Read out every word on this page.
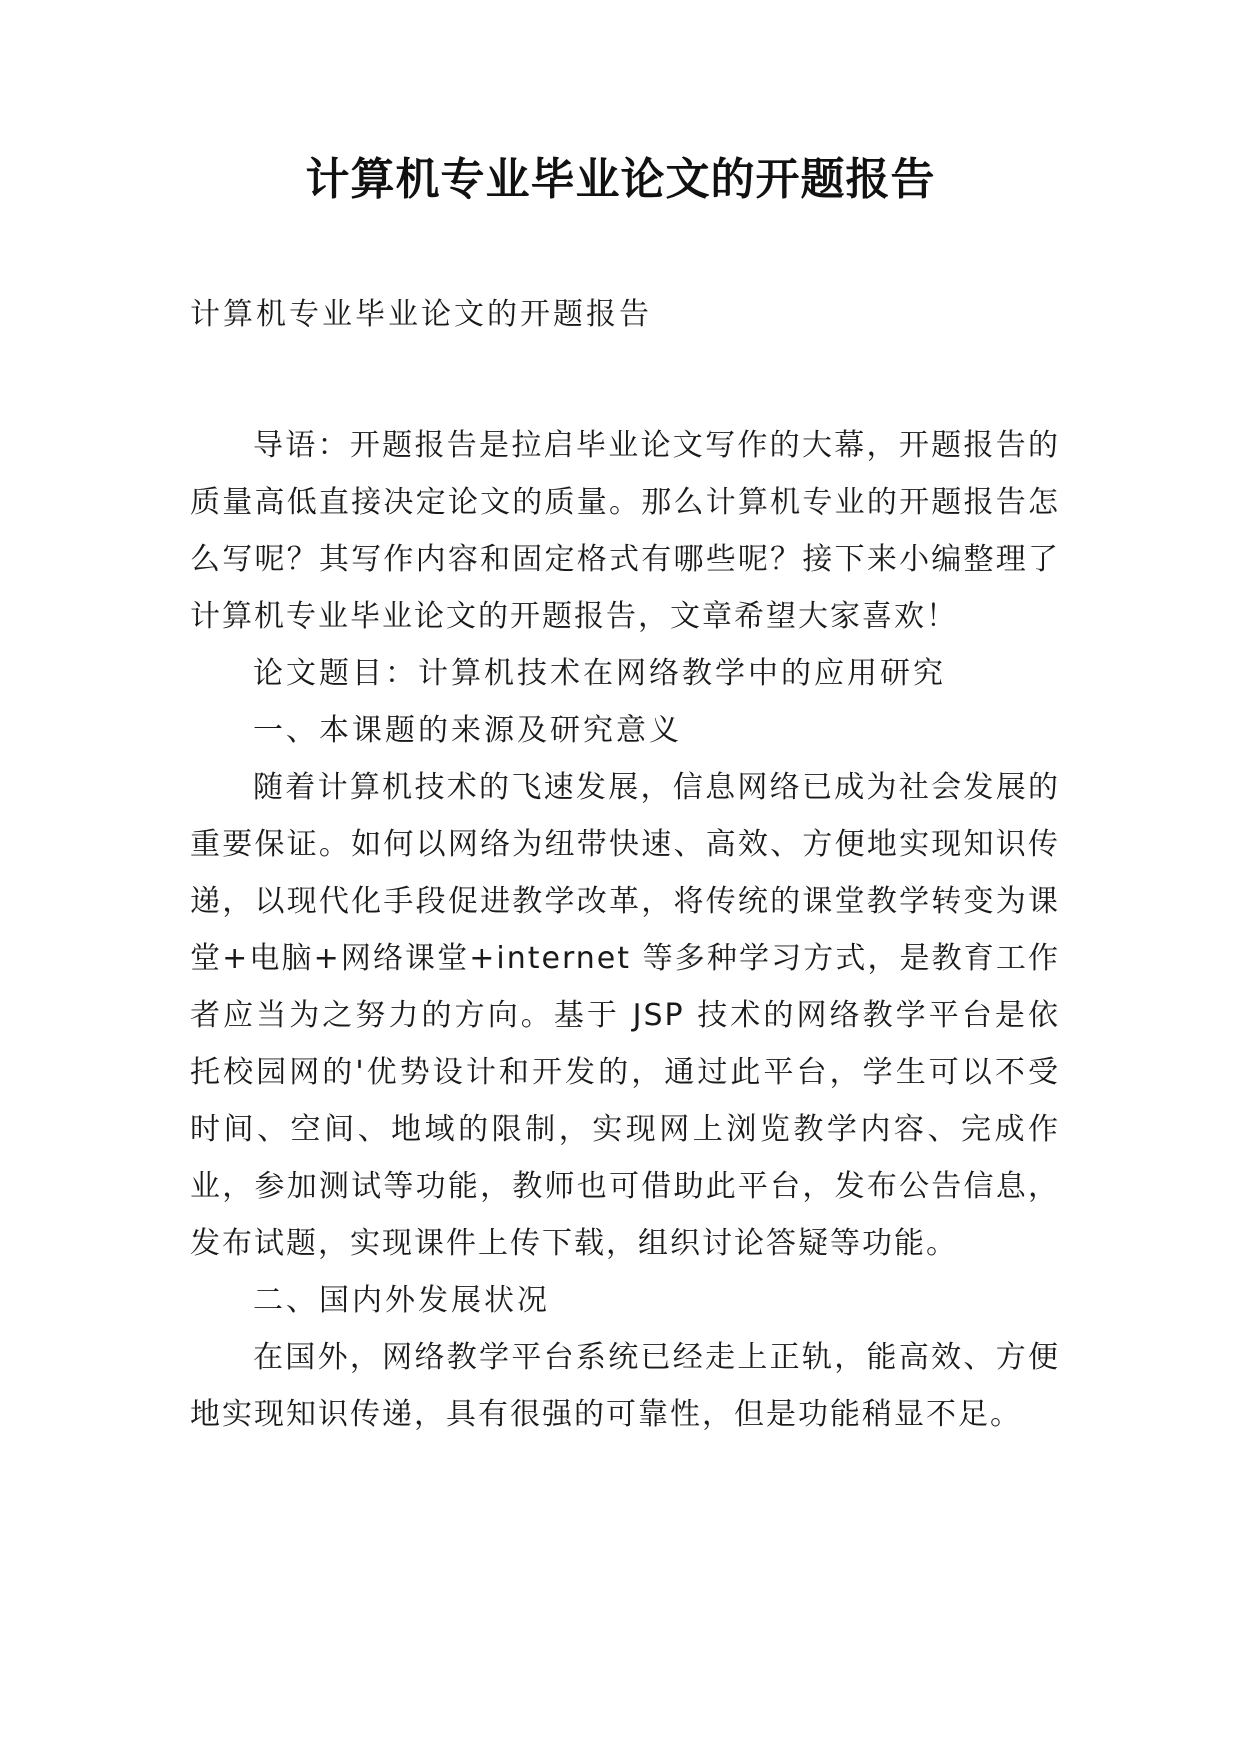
计算机专业毕业论文的开题报告

计算机专业毕业论文的开题报告

导语：开题报告是拉启毕业论文写作的大幕，开题报告的质量高低直接决定论文的质量。那么计算机专业的开题报告怎么写呢？其写作内容和固定格式有哪些呢？接下来小编整理了计算机专业毕业论文的开题报告，文章希望大家喜欢！

论文题目：计算机技术在网络教学中的应用研究

一、本课题的来源及研究意义

随着计算机技术的飞速发展，信息网络已成为社会发展的重要保证。如何以网络为纽带快速、高效、方便地实现知识传递，以现代化手段促进教学改革，将传统的课堂教学转变为课堂+电脑+网络课堂+internet 等多种学习方式，是教育工作者应当为之努力的方向。基于 JSP 技术的网络教学平台是依托校园网的'优势设计和开发的，通过此平台，学生可以不受时间、空间、地域的限制，实现网上浏览教学内容、完成作业，参加测试等功能，教师也可借助此平台，发布公告信息，发布试题，实现课件上传下载，组织讨论答疑等功能。

二、国内外发展状况

在国外，网络教学平台系统已经走上正轨，能高效、方便地实现知识传递，具有很强的可靠性，但是功能稍显不足。
